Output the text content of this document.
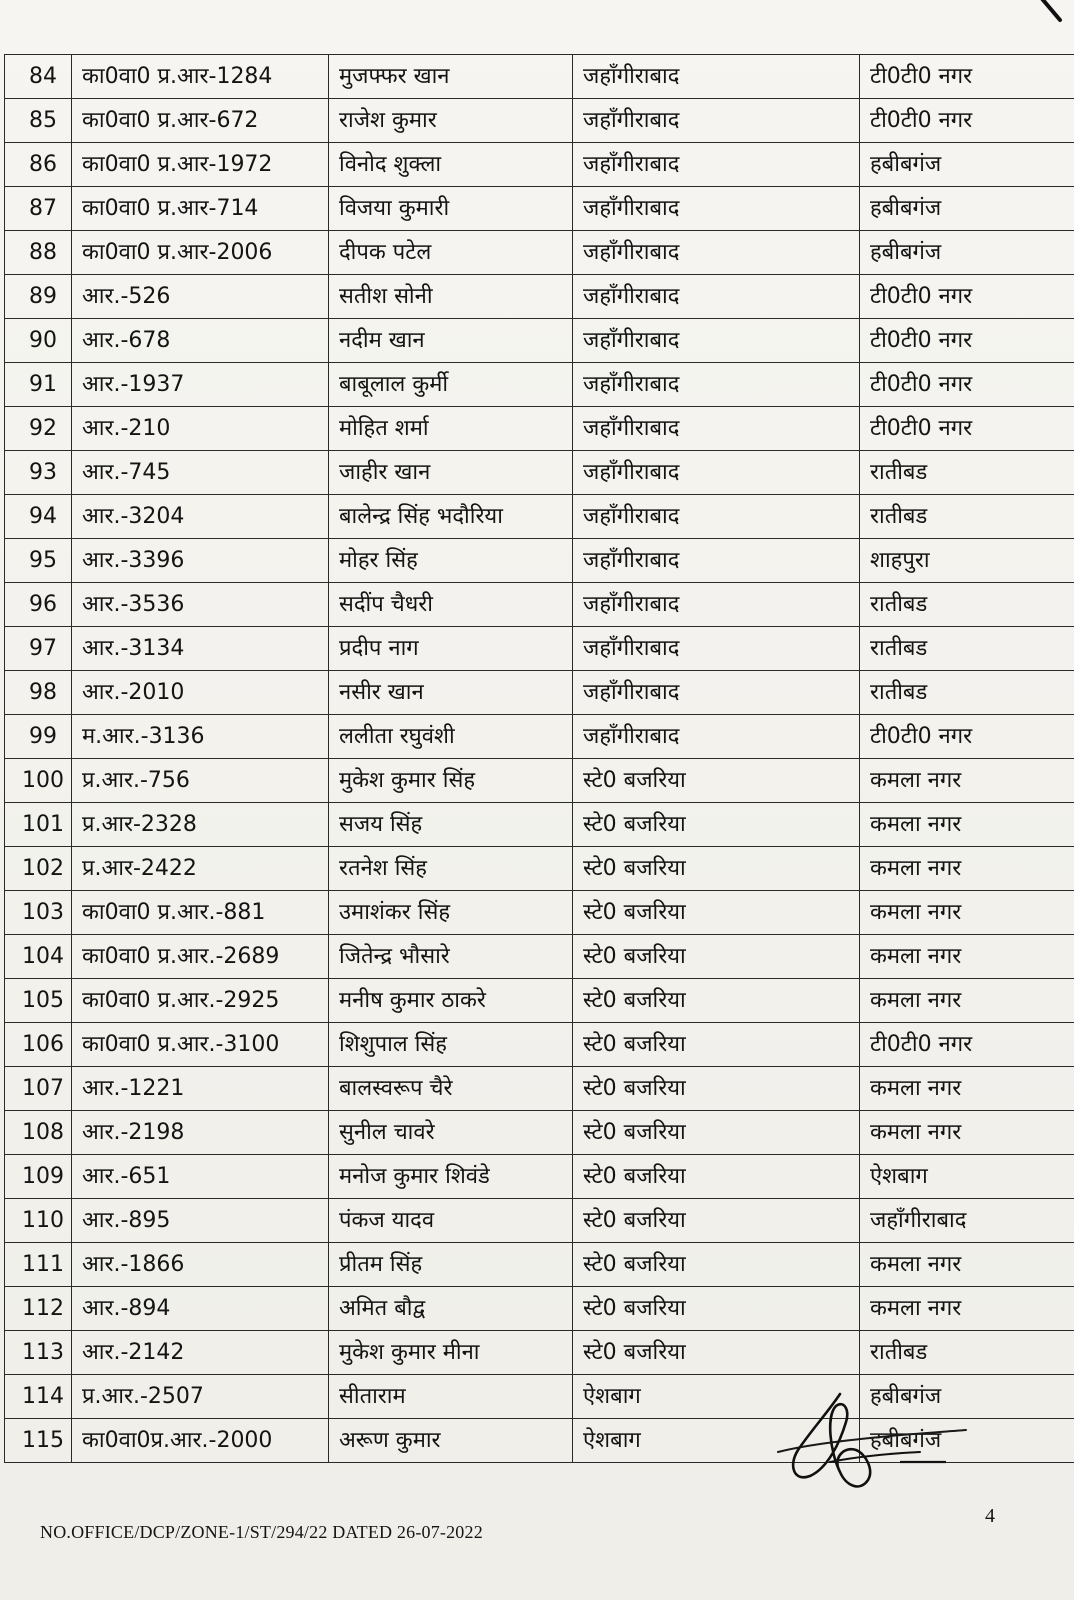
84	का0वा0 प्र.आर-1284	मुजफ्फर खान	जहाँगीराबाद	टी0टी0 नगर
85	का0वा0 प्र.आर-672	राजेश कुमार	जहाँगीराबाद	टी0टी0 नगर
86	का0वा0 प्र.आर-1972	विनोद शुक्ला	जहाँगीराबाद	हबीबगंज
87	का0वा0 प्र.आर-714	विजया कुमारी	जहाँगीराबाद	हबीबगंज
88	का0वा0 प्र.आर-2006	दीपक पटेल	जहाँगीराबाद	हबीबगंज
89	आर.-526	सतीश सोनी	जहाँगीराबाद	टी0टी0 नगर
90	आर.-678	नदीम खान	जहाँगीराबाद	टी0टी0 नगर
91	आर.-1937	बाबूलाल कुर्मी	जहाँगीराबाद	टी0टी0 नगर
92	आर.-210	मोहित शर्मा	जहाँगीराबाद	टी0टी0 नगर
93	आर.-745	जाहीर खान	जहाँगीराबाद	रातीबड
94	आर.-3204	बालेन्द्र सिंह भदौरिया	जहाँगीराबाद	रातीबड
95	आर.-3396	मोहर सिंह	जहाँगीराबाद	शाहपुरा
96	आर.-3536	सदींप चैधरी	जहाँगीराबाद	रातीबड
97	आर.-3134	प्रदीप नाग	जहाँगीराबाद	रातीबड
98	आर.-2010	नसीर खान	जहाँगीराबाद	रातीबड
99	म.आर.-3136	ललीता रघुवंशी	जहाँगीराबाद	टी0टी0 नगर
100	प्र.आर.-756	मुकेश कुमार सिंह	स्टे0 बजरिया	कमला नगर
101	प्र.आर-2328	सजय सिंह	स्टे0 बजरिया	कमला नगर
102	प्र.आर-2422	रतनेश सिंह	स्टे0 बजरिया	कमला नगर
103	का0वा0 प्र.आर.-881	उमाशंकर सिंह	स्टे0 बजरिया	कमला नगर
104	का0वा0 प्र.आर.-2689	जितेन्द्र भौसारे	स्टे0 बजरिया	कमला नगर
105	का0वा0 प्र.आर.-2925	मनीष कुमार ठाकरे	स्टे0 बजरिया	कमला नगर
106	का0वा0 प्र.आर.-3100	शिशुपाल सिंह	स्टे0 बजरिया	टी0टी0 नगर
107	आर.-1221	बालस्वरूप चैरे	स्टे0 बजरिया	कमला नगर
108	आर.-2198	सुनील चावरे	स्टे0 बजरिया	कमला नगर
109	आर.-651	मनोज कुमार शिवंडे	स्टे0 बजरिया	ऐशबाग
110	आर.-895	पंकज यादव	स्टे0 बजरिया	जहाँगीराबाद
111	आर.-1866	प्रीतम सिंह	स्टे0 बजरिया	कमला नगर
112	आर.-894	अमित बौद्व	स्टे0 बजरिया	कमला नगर
113	आर.-2142	मुकेश कुमार मीना	स्टे0 बजरिया	रातीबड
114	प्र.आर.-2507	सीताराम	ऐशबाग	हबीबगंज
115	का0वा0प्र.आर.-2000	अरूण कुमार	ऐशबाग	हबीबगंज
4
NO.OFFICE/DCP/ZONE-1/ST/294/22 DATED 26-07-2022
